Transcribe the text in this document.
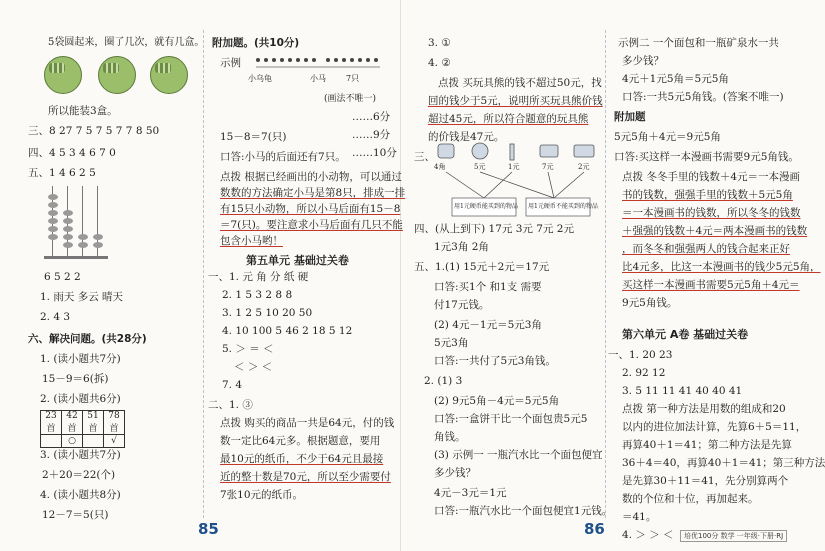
5袋圆起来，圈了几次，就有几盒。
所以能装3盒。
三、8 27 7 5 7 5 7 7 8 50
四、4 5 3 4 6 7 0
五、1 4 6 2 5
6 5 2 2
1. 雨天 多云 晴天
2. 4 3
六、解决问题。(共28分)
1. (读小题共7分)
15－9＝6(拆)
2. (读小题共6分)
23首	42首	51首	78首
	○		√
3. (读小题共7分)
2＋20＝22(个)
4. (读小题共8分)
12－7＝5(只)
附加题。(共10分)
示例
小乌龟	小马	7只
(画法不唯一)
……6分
15－8＝7(只)	……9分
口答:小马的后面还有7只。 ……10分
点拨 根据已经画出的小动物，可以通过
数数的方法确定小马是第8只，排成一排
有15只小动物，所以小马后面有15－8
＝7(只)。要注意求小马后面有几只不能
包含小马哟！
第五单元 基础过关卷
一、1. 元 角 分 纸 硬
2. 1 5 3 2 8 8
3. 1 2 5 10 20 50
4. 10 100 5 46 2 18 5 12
5. ＞ ＝ ＜
＜ ＞ ＜
7. 4
二、1. ③
点拨 购买的商品一共是64元，付的钱
数一定比64元多。根据题意，要用
最10元的纸币，不少于64元且最接
近的整十数是70元，所以至少需要付
7张10元的纸币。
85
3. ①
4. ②
点拨 买玩具熊的钱不超过50元，找
回的钱少于5元，说明所买玩具熊价钱
超过45元，所以符合题意的玩具熊
的价钱是47元。
三、
4角	5元	1元	7元	2元
用1元硬币能买到的物品 用1元硬币不能买到的物品
四、(从上到下) 17元 3元 7元 2元
1元3角 2角
五、1.(1) 15元＋2元＝17元
口答:买1个 和1支 需要
付17元钱。
(2) 4元－1元＝5元3角
5元3角
口答:一共付了5元3角钱。
2. (1) 3
(2) 9元5角－4元＝5元5角
口答:一盒饼干比一个面包贵5元5
角钱。
(3) 示例一 一瓶汽水比一个面包便宜
多少钱？
4元－3元＝1元
口答:一瓶汽水比一个面包便宜1元钱。
示例二 一个面包和一瓶矿泉水一共
多少钱？
4元＋1元5角＝5元5角
口答:一共5元5角钱。(答案不唯一)
附加题
5元5角＋4元＝9元5角
口答:买这样一本漫画书需要9元5角钱。
点拨 冬冬手里的钱数＋4元＝一本漫画
书的钱数，强强手里的钱数＋5元5角
＝一本漫画书的钱数，所以冬冬的钱数
＋强强的钱数＋4元＝两本漫画书的钱数
，而冬冬和强强两人的钱合起来正好
比4元多，比这一本漫画书的钱少5元5角，
买这样一本漫画书需要5元5角＋4元＝
9元5角钱。
第六单元 A卷 基础过关卷
一、1. 20 23
2. 92 12
3. 5 11 11 41 40 40 41
点拨 第一种方法是用数的组成和20
以内的进位加法计算，先算6＋5＝11，
再算40＋1＝41；第二种方法是先算
36＋4＝40，再算40＋1＝41；第三种方法
是先算30＋11＝41，先分别算两个
数的个位和十位，再加起来。
＝41。
4. ＞ ＞ ＜
86	培优100分 数学 一年级·下册·RJ
